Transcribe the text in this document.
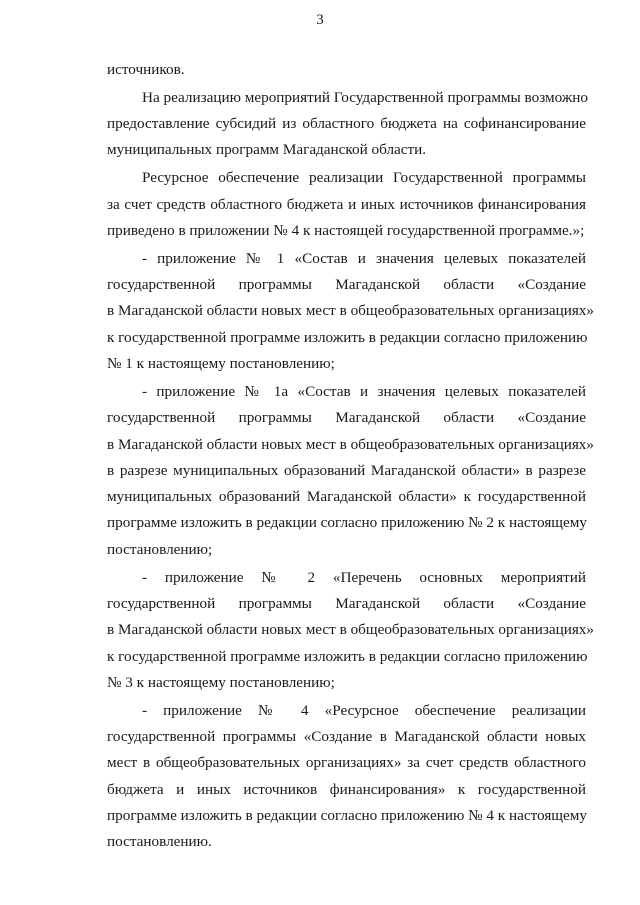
3
источников.
На реализацию мероприятий Государственной программы возможно
предоставление субсидий из областного бюджета на софинансирование
муниципальных программ Магаданской области.
Ресурсное обеспечение реализации Государственной программы
за счет средств областного бюджета и иных источников финансирования
приведено в приложении № 4 к настоящей государственной программе.»;
- приложение № 1 «Состав и значения целевых показателей
государственной программы Магаданской области «Создание
в Магаданской области новых мест в общеобразовательных организациях»
к государственной программе изложить в редакции согласно приложению
№ 1 к настоящему постановлению;
- приложение № 1а «Состав и значения целевых показателей
государственной программы Магаданской области «Создание
в Магаданской области новых мест в общеобразовательных организациях»
в разрезе муниципальных образований Магаданской области» в разрезе
муниципальных образований Магаданской области» к государственной
программе изложить в редакции согласно приложению № 2 к настоящему
постановлению;
- приложение № 2 «Перечень основных мероприятий
государственной программы Магаданской области «Создание
в Магаданской области новых мест в общеобразовательных организациях»
к государственной программе изложить в редакции согласно приложению
№ 3 к настоящему постановлению;
- приложение № 4 «Ресурсное обеспечение реализации
государственной программы «Создание в Магаданской области новых
мест в общеобразовательных организациях» за счет средств областного
бюджета и иных источников финансирования» к государственной
программе изложить в редакции согласно приложению № 4 к настоящему
постановлению.
